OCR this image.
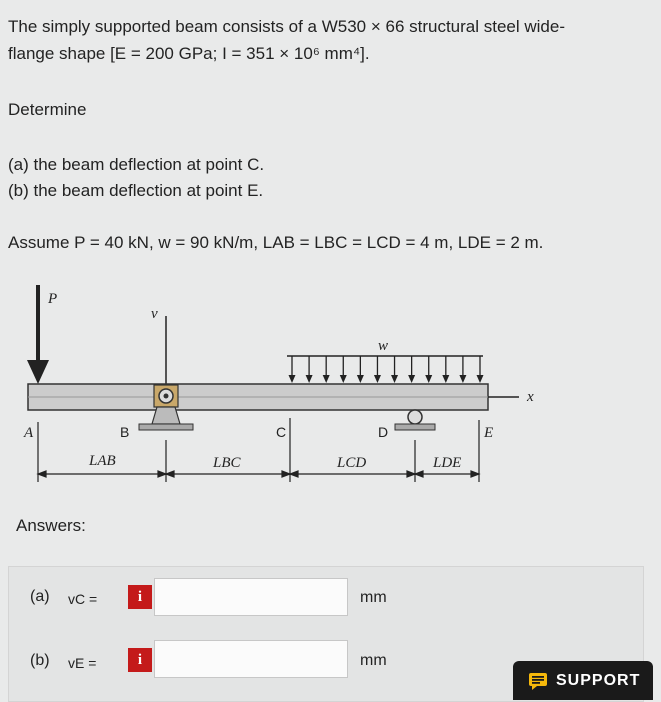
The simply supported beam consists of a W530 × 66 structural steel wide-
flange shape [E = 200 GPa; I = 351 × 10⁶ mm⁴].
Determine
(a) the beam deflection at point C.
(b) the beam deflection at point E.
Assume P = 40 kN, w = 90 kN/m, LAB = LBC = LCD = 4 m, LDE = 2 m.
P
v
w
x
A	B	C	D	E
LAB	LBC	LCD	LDE
Answers:
(a) vC =	i	mm
(b) vE =	i	mm
SUPPORT
